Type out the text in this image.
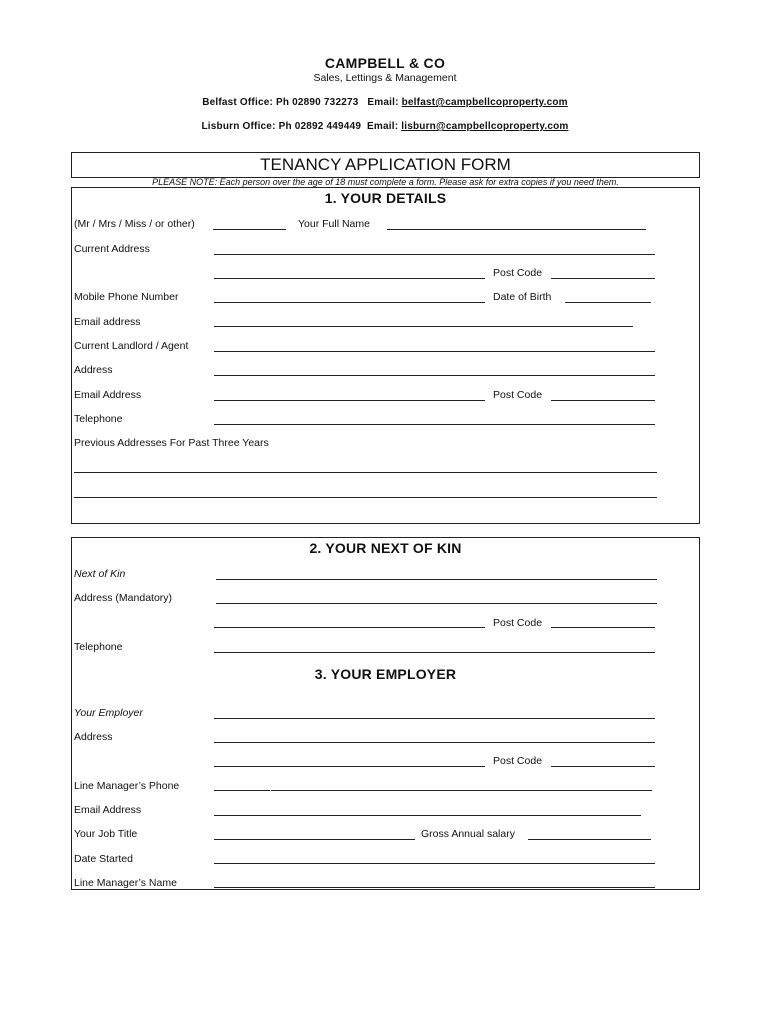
CAMPBELL & CO
Sales, Lettings & Management
Belfast Office: Ph 02890 732273   Email: belfast@campbellcoproperty.com
Lisburn Office: Ph 02892 449449  Email: lisburn@campbellcoproperty.com
TENANCY APPLICATION FORM
PLEASE NOTE: Each person over the age of 18 must complete a form. Please ask for extra copies if you need them.
1. YOUR DETAILS
(Mr / Mrs / Miss / or other)	Your Full Name
Current Address
Post Code
Mobile Phone Number	Date of Birth
Email address
Current Landlord / Agent
Address
Email Address	Post Code
Telephone
Previous Addresses For Past Three Years
2. YOUR NEXT OF KIN
Next of Kin
Address (Mandatory)
Post Code
Telephone
3. YOUR EMPLOYER
Your Employer
Address
Post Code
Line Manager’s Phone
Email Address
Your Job Title	Gross Annual salary
Date Started
Line Manager’s Name
